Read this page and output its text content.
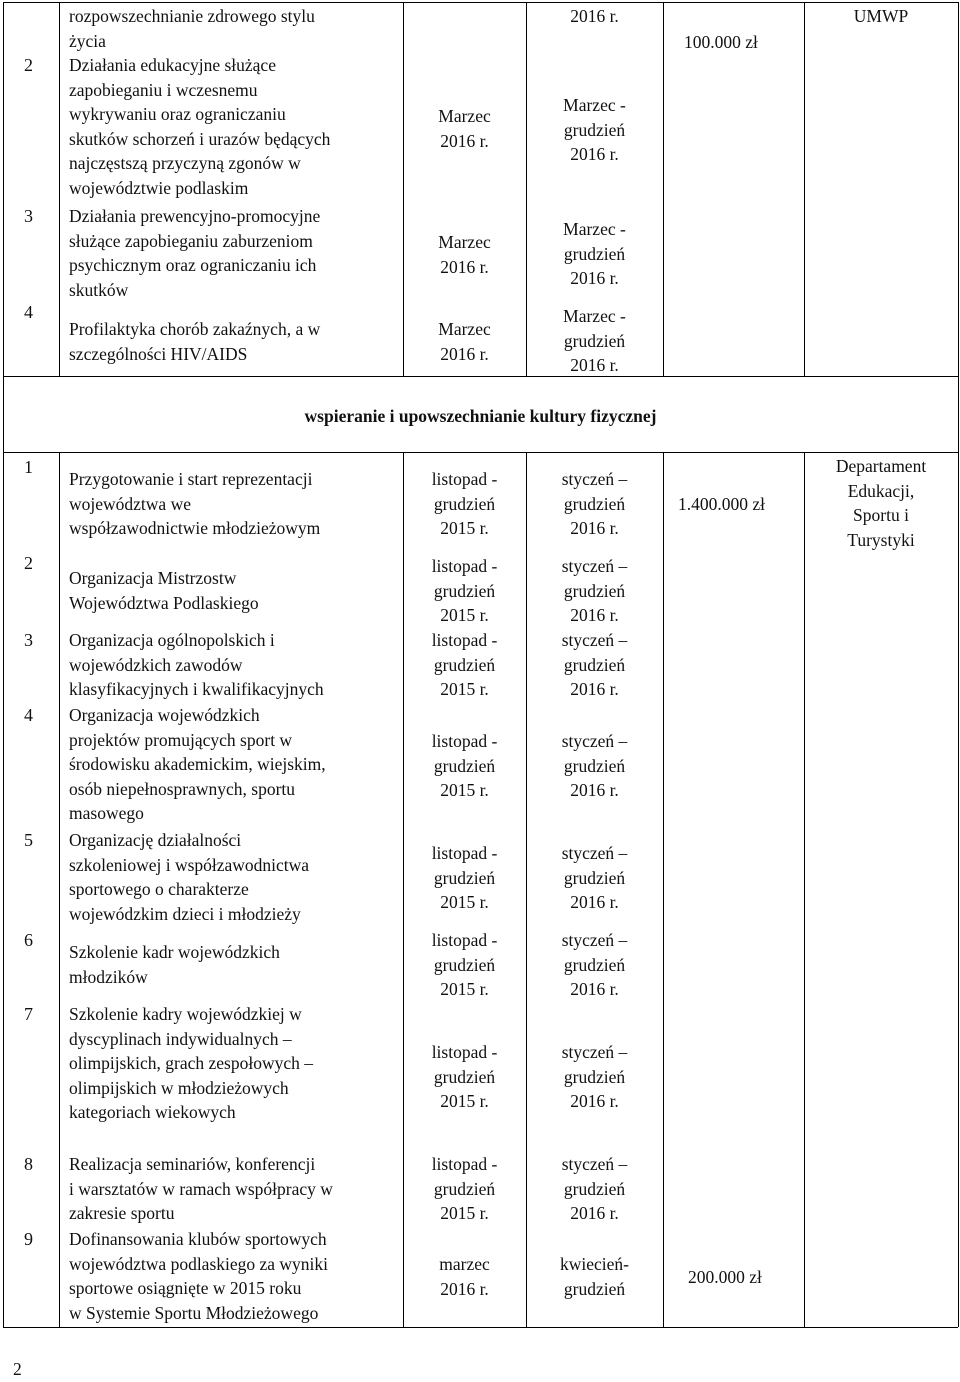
rozpowszechnianie zdrowego stylu
życia

2016 r.

2 Działania edukacyjne służące
zapobieganiu i wczesnemu
wykrywaniu oraz ograniczaniu
skutków schorzeń i urazów będących
najczęstszą przyczyną zgonów w
województwie podlaskim

Marzec
2016 r.

Marzec -
grudzień
2016 r.

3 Działania prewencyjno-promocyjne
służące zapobieganiu zaburzeniom
psychicznym oraz ograniczaniu ich
skutków

Marzec
2016 r.

Marzec -
grudzień
2016 r.

4

Profilaktyka chorób zakaźnych, a w
szczególności HIV/AIDS

Marzec
2016 r.

Marzec -
grudzień
2016 r.

100.000 zł
UMWP
wspieranie i upowszechnianie kultury fizycznej
1

Przygotowanie i start reprezentacji
województwa we
współzawodnictwie młodzieżowym

listopad -
grudzień
2015 r.

styczeń –
grudzień
2016 r.

2

Organizacja Mistrzostw
Województwa Podlaskiego

listopad -
grudzień
2015 r.

styczeń –
grudzień
2016 r.

3 Organizacja ogólnopolskich i
wojewódzkich zawodów
klasyfikacyjnych i kwalifikacyjnych

listopad -
grudzień
2015 r.

styczeń –
grudzień
2016 r.

4 Organizacja wojewódzkich
projektów promujących sport w
środowisku akademickim, wiejskim,
osób niepełnosprawnych, sportu
masowego

listopad -
grudzień
2015 r.

styczeń –
grudzień
2016 r.

5 Organizację działalności
szkoleniowej i współzawodnictwa
sportowego o charakterze
wojewódzkim dzieci i młodzieży

listopad -
grudzień
2015 r.

styczeń –
grudzień
2016 r.

6

Szkolenie kadr wojewódzkich
młodzików

listopad -
grudzień
2015 r.

styczeń –
grudzień
2016 r.

7 Szkolenie kadry wojewódzkiej w
dyscyplinach indywidualnych –
olimpijskich, grach zespołowych –
olimpijskich w młodzieżowych
kategoriach wiekowych

listopad -
grudzień
2015 r.

styczeń –
grudzień
2016 r.

8 Realizacja seminariów, konferencji
i warsztatów w ramach współpracy w
zakresie sportu

listopad -
grudzień
2015 r.

styczeń –
grudzień
2016 r.

9 Dofinansowania klubów sportowych
województwa podlaskiego za wyniki
sportowe osiągnięte w 2015 roku
w Systemie Sportu Młodzieżowego

marzec
2016 r.

kwiecień-
grudzień

1.400.000 zł
200.000 zł

Departament
Edukacji,
Sportu i
Turystyki

2
